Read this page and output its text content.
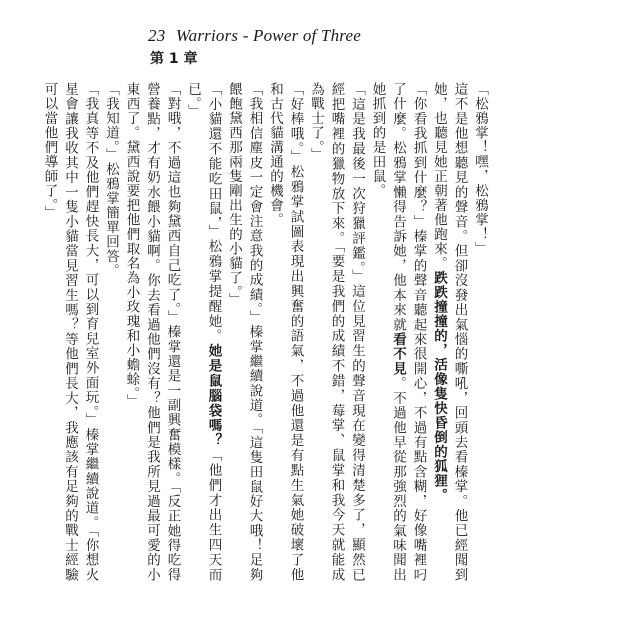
23 Warriors - Power of Three
第 1 章

「松鴉掌！嘿，松鴉掌！」

這不是他想聽見的聲音。但卻沒發出氣惱的嘶吼，回頭去看榛掌。他已經聞到她，也聽見她正朝著他跑來。跌跌撞撞的，活像隻快昏倒的狐狸。

「你看我抓到什麼？」榛掌的聲音聽起來很開心，不過有點含糊，好像嘴裡叼了什麼。松鴉掌懶得告訴她，他本來就看不見。不過他早從那強烈的氣味聞出她抓到的是田鼠。

「這是我最後一次狩獵評鑑。」這位見習生的聲音現在變得清楚多了，顯然已經把嘴裡的獵物放下來。「要是我們的成績不錯，莓掌、鼠掌和我今天就能成為戰士了。」

「好棒哦。」松鴉掌試圖表現出興奮的語氣，不過他還是有點生氣她破壞了他和古代貓溝通的機會。

「我相信塵皮一定會注意我的成績。」榛掌繼續說道。「這隻田鼠好大哦！足夠餵飽黛西那兩隻剛出生的小貓了。」

「小貓還不能吃田鼠，」松鴉掌提醒她。她是鼠腦袋嗎？「他們才出生四天而已。」

「對哦，不過這也夠黛西自己吃了。」榛掌還是一副興奮模樣。「反正她得吃得營養點，才有奶水餵小貓啊。你去看過他們沒有？他們是我所見過最可愛的小東西了。黛西說要把他們取名為小玫瑰和小蟾蜍。」

「我知道。」松鴉掌簡單回答。

「我真等不及他們趕快長大，可以到育兒室外面玩。」榛掌繼續說道。「你想火星會讓我收其中一隻小貓當見習生嗎？等他們長大，我應該有足夠的戰士經驗可以當他們導師了。」
